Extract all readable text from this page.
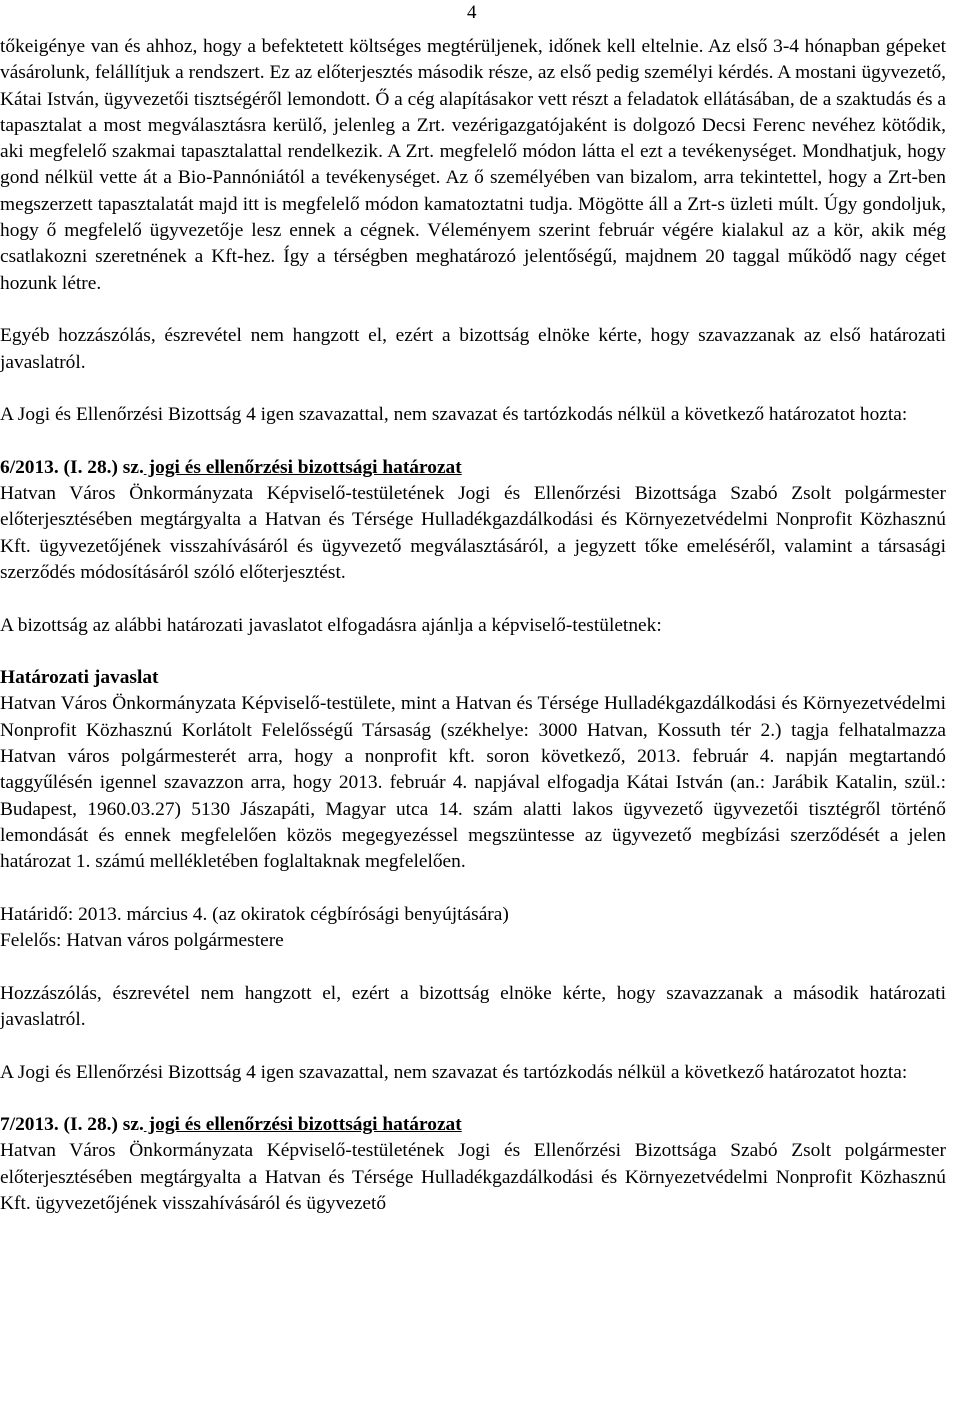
4

tőkeigénye van és ahhoz, hogy a befektetett költséges megtérüljenek, időnek kell eltelnie. Az első 3-4 hónapban gépeket vásárolunk, felállítjuk a rendszert. Ez az előterjesztés második része, az első pedig személyi kérdés. A mostani ügyvezető, Kátai István, ügyvezetői tisztségéről lemondott. Ő a cég alapításakor vett részt a feladatok ellátásában, de a szaktudás és a tapasztalat a most megválasztásra kerülő, jelenleg a Zrt. vezérigazgatójaként is dolgozó Decsi Ferenc nevéhez kötődik, aki megfelelő szakmai tapasztalattal rendelkezik. A Zrt. megfelelő módon látta el ezt a tevékenységet. Mondhatjuk, hogy gond nélkül vette át a Bio-Pannóniától a tevékenységet. Az ő személyében van bizalom, arra tekintettel, hogy a Zrt-ben megszerzett tapasztalatát majd itt is megfelelő módon kamatoztatni tudja. Mögötte áll a Zrt-s üzleti múlt. Úgy gondoljuk, hogy ő megfelelő ügyvezetője lesz ennek a cégnek. Véleményem szerint február végére kialakul az a kör, akik még csatlakozni szeretnének a Kft-hez. Így a térségben meghatározó jelentőségű, majdnem 20 taggal működő nagy céget hozunk létre.

Egyéb hozzászólás, észrevétel nem hangzott el, ezért a bizottság elnöke kérte, hogy szavazzanak az első határozati javaslatról.

A Jogi és Ellenőrzési Bizottság 4 igen szavazattal, nem szavazat és tartózkodás nélkül a következő határozatot hozta:

6/2013. (I. 28.) sz. jogi és ellenőrzési bizottsági határozat

Hatvan Város Önkormányzata Képviselő-testületének Jogi és Ellenőrzési Bizottsága Szabó Zsolt polgármester előterjesztésében megtárgyalta a Hatvan és Térsége Hulladékgazdálkodási és Környezetvédelmi Nonprofit Közhasznú Kft. ügyvezetőjének visszahívásáról és ügyvezető megválasztásáról, a jegyzett tőke emeléséről, valamint a társasági szerződés módosításáról szóló előterjesztést.

A bizottság az alábbi határozati javaslatot elfogadásra ajánlja a képviselő-testületnek:

Határozati javaslat

Hatvan Város Önkormányzata Képviselő-testülete, mint a Hatvan és Térsége Hulladékgazdálkodási és Környezetvédelmi Nonprofit Közhasznú Korlátolt Felelősségű Társaság (székhelye: 3000 Hatvan, Kossuth tér 2.) tagja felhatalmazza Hatvan város polgármesterét arra, hogy a nonprofit kft. soron következő, 2013. február 4. napján megtartandó taggyűlésén igennel szavazzon arra, hogy 2013. február 4. napjával elfogadja Kátai István (an.: Jarábik Katalin, szül.: Budapest, 1960.03.27) 5130 Jászapáti, Magyar utca 14. szám alatti lakos ügyvezető ügyvezetői tisztégről történő lemondását és ennek megfelelően közös megegyezéssel megszüntesse az ügyvezető megbízási szerződését a jelen határozat 1. számú mellékletében foglaltaknak megfelelően.

Határidő: 2013. március 4. (az okiratok cégbírósági benyújtására)

Felelős: Hatvan város polgármestere

Hozzászólás, észrevétel nem hangzott el, ezért a bizottság elnöke kérte, hogy szavazzanak a második határozati javaslatról.

A Jogi és Ellenőrzési Bizottság 4 igen szavazattal, nem szavazat és tartózkodás nélkül a következő határozatot hozta:

7/2013. (I. 28.) sz. jogi és ellenőrzési bizottsági határozat

Hatvan Város Önkormányzata Képviselő-testületének Jogi és Ellenőrzési Bizottsága Szabó Zsolt polgármester előterjesztésében megtárgyalta a Hatvan és Térsége Hulladékgazdálkodási és Környezetvédelmi Nonprofit Közhasznú Kft. ügyvezetőjének visszahívásáról és ügyvezető
